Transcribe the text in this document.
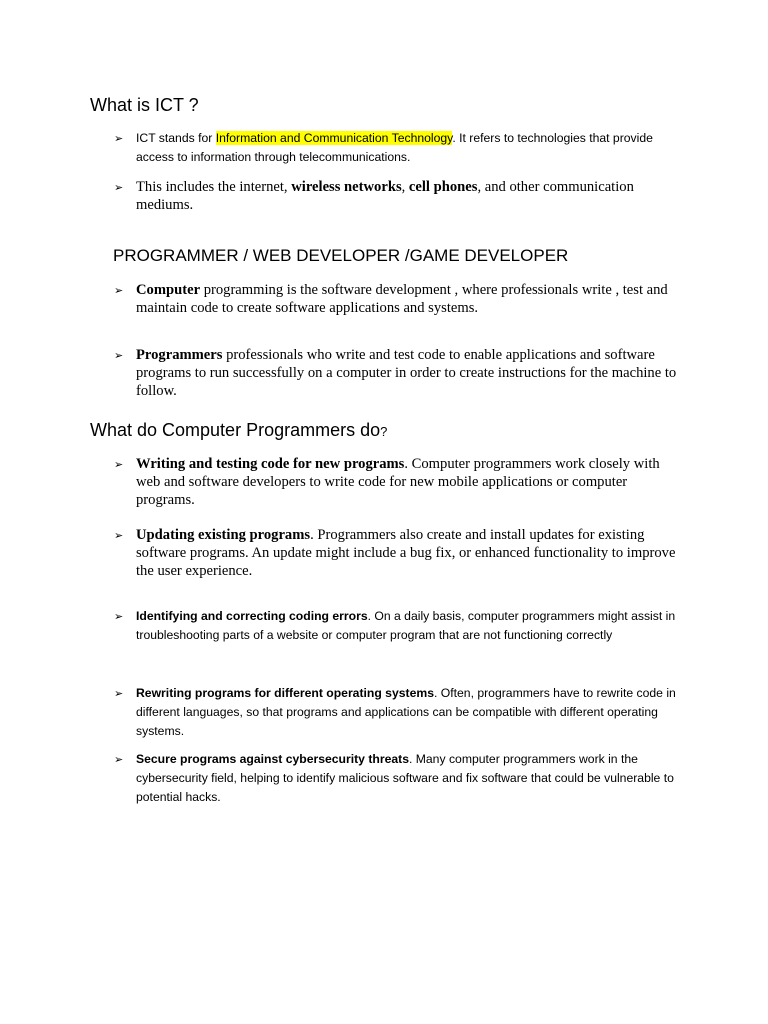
What is ICT ?
➢	ICT stands for Information and Communication Technology. It refers to technologies that provide access to information through telecommunications.
➢ This includes the internet, wireless networks, cell phones, and other communication mediums.
PROGRAMMER / WEB DEVELOPER /GAME DEVELOPER
➢ Computer programming is the software development , where professionals write , test and maintain code to create software applications and systems.
➢ Programmers professionals who write and test code to enable applications and software programs to run successfully on a computer in order to create instructions for the machine to follow.
What do Computer Programmers do?
➢ Writing and testing code for new programs. Computer programmers work closely with web and software developers to write code for new mobile applications or computer programs.
➢ Updating existing programs. Programmers also create and install updates for existing software programs. An update might include a bug fix, or enhanced functionality to improve the user experience.
➢	Identifying and correcting coding errors. On a daily basis, computer programmers might assist in troubleshooting parts of a website or computer program that are not functioning correctly
➢	Rewriting programs for different operating systems. Often, programmers have to rewrite code in different languages, so that programs and applications can be compatible with different operating systems.
➢	Secure programs against cybersecurity threats. Many computer programmers work in the cybersecurity field, helping to identify malicious software and fix software that could be vulnerable to potential hacks.
